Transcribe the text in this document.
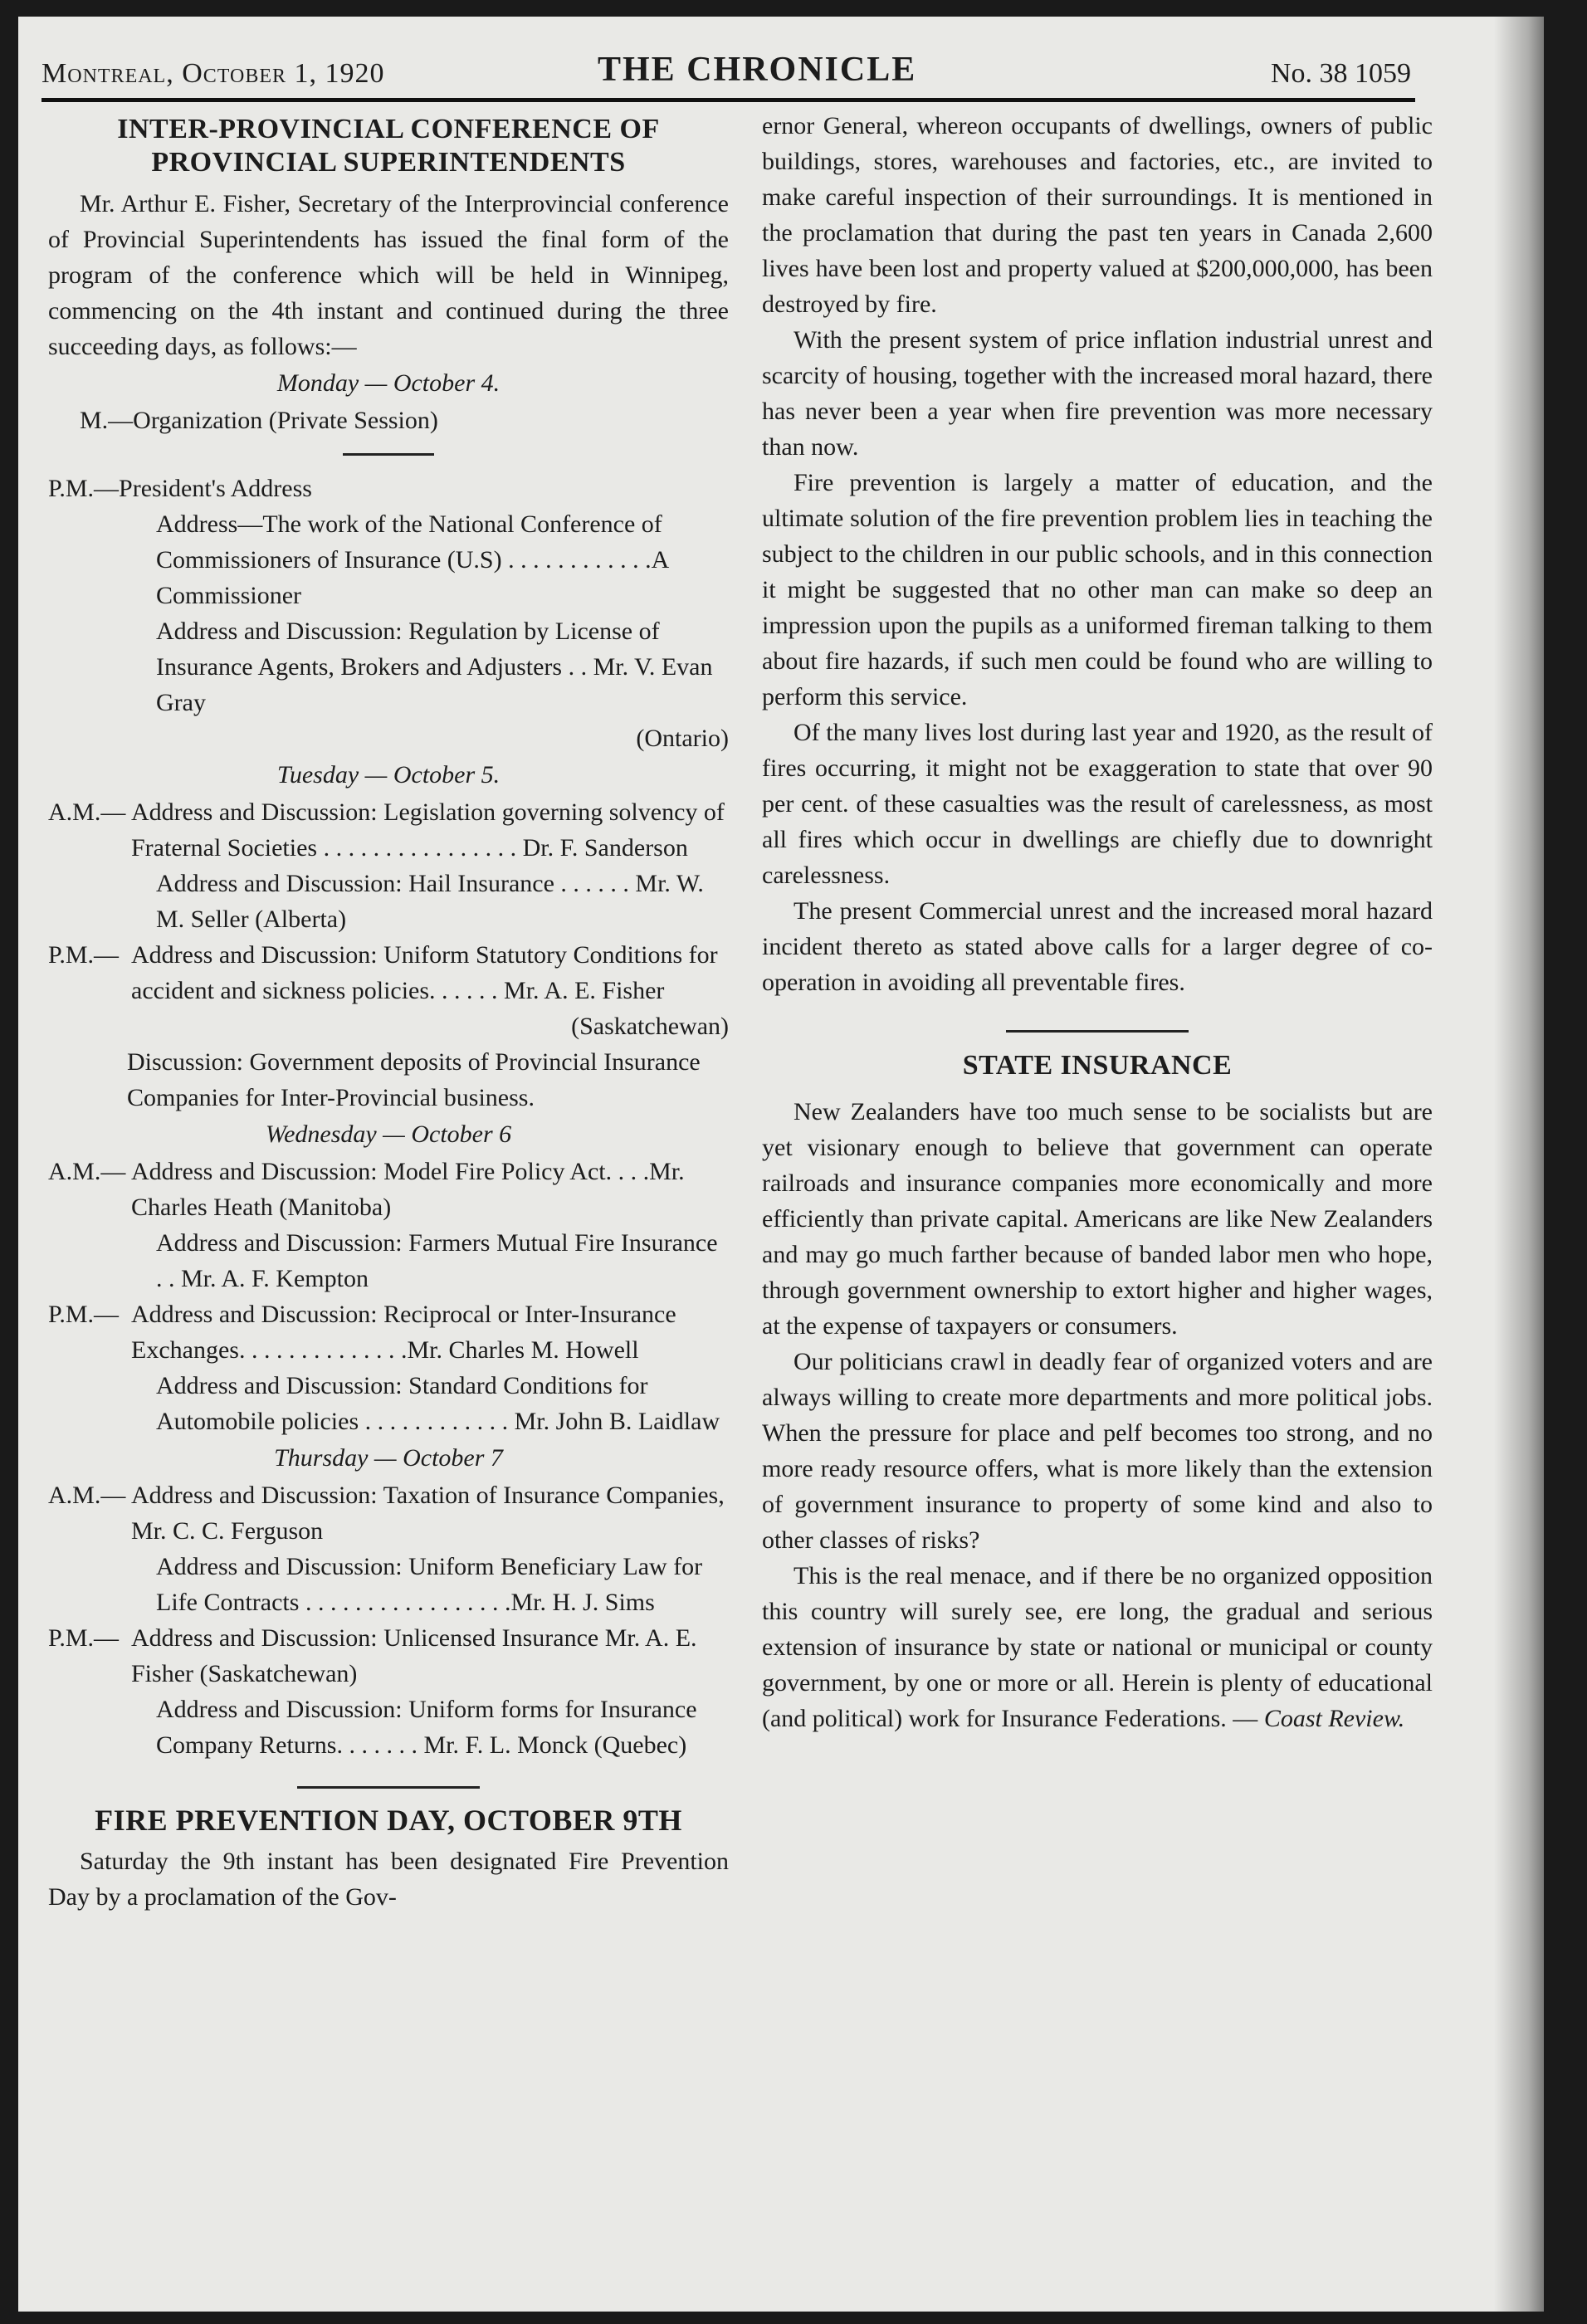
Montreal, October 1, 1920	THE CHRONICLE	No. 38 1059
INTER-PROVINCIAL CONFERENCE OF
PROVINCIAL SUPERINTENDENTS

Mr. Arthur E. Fisher, Secretary of the Interprovincial conference of Provincial Superintendents has issued the final form of the program of the conference which will be held in Winnipeg, commencing on the 4th instant and continued during the three succeeding days, as follows:—

Monday — October 4.
M.—Organization (Private Session)
P.M.—President's Address
Address—The work of the National Conference of Commissioners of Insurance (U.S) . . . . . . . . . . . .A Commissioner
Address and Discussion: Regulation by License of Insurance Agents, Brokers and Adjusters . . Mr. V. Evan Gray
(Ontario)
Tuesday — October 5.
A.M.— Address and Discussion: Legislation governing solvency of Fraternal Societies . . . . . . . . . . . . . . . . Dr. F. Sanderson
Address and Discussion: Hail Insurance . . . . . . Mr. W. M. Seller (Alberta)
P.M.— Address and Discussion: Uniform Statutory Conditions for accident and sickness policies. . . . . . Mr. A. E. Fisher
(Saskatchewan)
Discussion: Government deposits of Provincial Insurance Companies for Inter-Provincial business.
Wednesday — October 6
A.M.— Address and Discussion: Model Fire Policy Act. . . .Mr. Charles Heath (Manitoba)
Address and Discussion: Farmers Mutual Fire Insurance . . Mr. A. F. Kempton
P.M.— Address and Discussion: Reciprocal or Inter-Insurance Exchanges. . . . . . . . . . . . . .Mr. Charles M. Howell
Address and Discussion: Standard Conditions for Automobile policies . . . . . . . . . . . . Mr. John B. Laidlaw
Thursday — October 7
A.M.— Address and Discussion: Taxation of Insurance Companies, Mr. C. C. Ferguson
Address and Discussion: Uniform Beneficiary Law for Life Contracts . . . . . . . . . . . . . . . . .Mr. H. J. Sims
P.M.— Address and Discussion: Unlicensed Insurance Mr. A. E. Fisher (Saskatchewan)
Address and Discussion: Uniform forms for Insurance Company Returns. . . . . . . Mr. F. L. Monck (Quebec)
FIRE PREVENTION DAY, OCTOBER 9TH

Saturday the 9th instant has been designated Fire Prevention Day by a proclamation of the Gov-

ernor General, whereon occupants of dwellings, owners of public buildings, stores, warehouses and factories, etc., are invited to make careful inspection of their surroundings. It is mentioned in the proclamation that during the past ten years in Canada 2,600 lives have been lost and property valued at $200,000,000, has been destroyed by fire.

With the present system of price inflation industrial unrest and scarcity of housing, together with the increased moral hazard, there has never been a year when fire prevention was more necessary than now.

Fire prevention is largely a matter of education, and the ultimate solution of the fire prevention problem lies in teaching the subject to the children in our public schools, and in this connection it might be suggested that no other man can make so deep an impression upon the pupils as a uniformed fireman talking to them about fire hazards, if such men could be found who are willing to perform this service.

Of the many lives lost during last year and 1920, as the result of fires occurring, it might not be exaggeration to state that over 90 per cent. of these casualties was the result of carelessness, as most all fires which occur in dwellings are chiefly due to downright carelessness.

The present Commercial unrest and the increased moral hazard incident thereto as stated above calls for a larger degree of co-operation in avoiding all preventable fires.

STATE INSURANCE

New Zealanders have too much sense to be socialists but are yet visionary enough to believe that government can operate railroads and insurance companies more economically and more efficiently than private capital. Americans are like New Zealanders and may go much farther because of banded labor men who hope, through government ownership to extort higher and higher wages, at the expense of taxpayers or consumers.

Our politicians crawl in deadly fear of organized voters and are always willing to create more departments and more political jobs. When the pressure for place and pelf becomes too strong, and no more ready resource offers, what is more likely than the extension of government insurance to property of some kind and also to other classes of risks?

This is the real menace, and if there be no organized opposition this country will surely see, ere long, the gradual and serious extension of insurance by state or national or municipal or county government, by one or more or all. Herein is plenty of educational (and political) work for Insurance Federations. — Coast Review.
